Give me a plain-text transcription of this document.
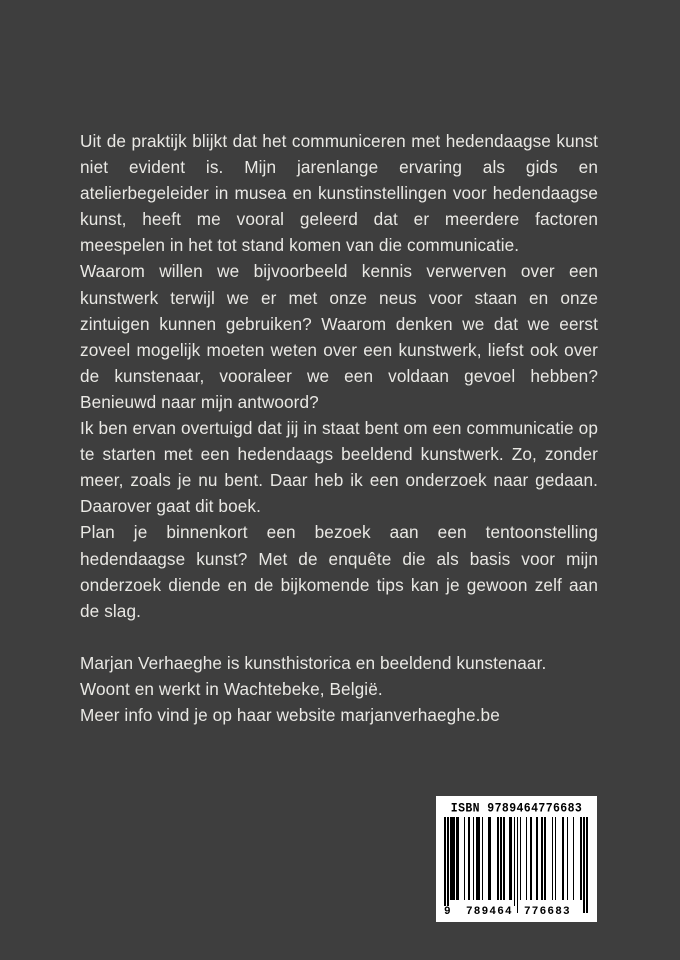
Uit de praktijk blijkt dat het communiceren met hedendaagse kunst niet evident is. Mijn jarenlange ervaring als gids en atelierbegeleider in musea en kunstinstellingen voor hedendaagse kunst, heeft me vooral geleerd dat er meerdere factoren meespelen in het tot stand komen van die communicatie.

Waarom willen we bijvoorbeeld kennis verwerven over een kunstwerk terwijl we er met onze neus voor staan en onze zintuigen kunnen gebruiken? Waarom denken we dat we eerst zoveel mogelijk moeten weten over een kunstwerk, liefst ook over de kunstenaar, vooraleer we een voldaan gevoel hebben? Benieuwd naar mijn antwoord?

Ik ben ervan overtuigd dat jij in staat bent om een communicatie op te starten met een hedendaags beeldend kunstwerk. Zo, zonder meer, zoals je nu bent. Daar heb ik een onderzoek naar gedaan. Daarover gaat dit boek.

Plan je binnenkort een bezoek aan een tentoonstelling hedendaagse kunst? Met de enquête die als basis voor mijn onderzoek diende en de bijkomende tips kan je gewoon zelf aan de slag.

Marjan Verhaeghe is kunsthistorica en beeldend kunstenaar.

Woont en werkt in Wachtebeke, België.

Meer info vind je op haar website marjanverhaeghe.be

ISBN 9789464776683
9 789464 776683
